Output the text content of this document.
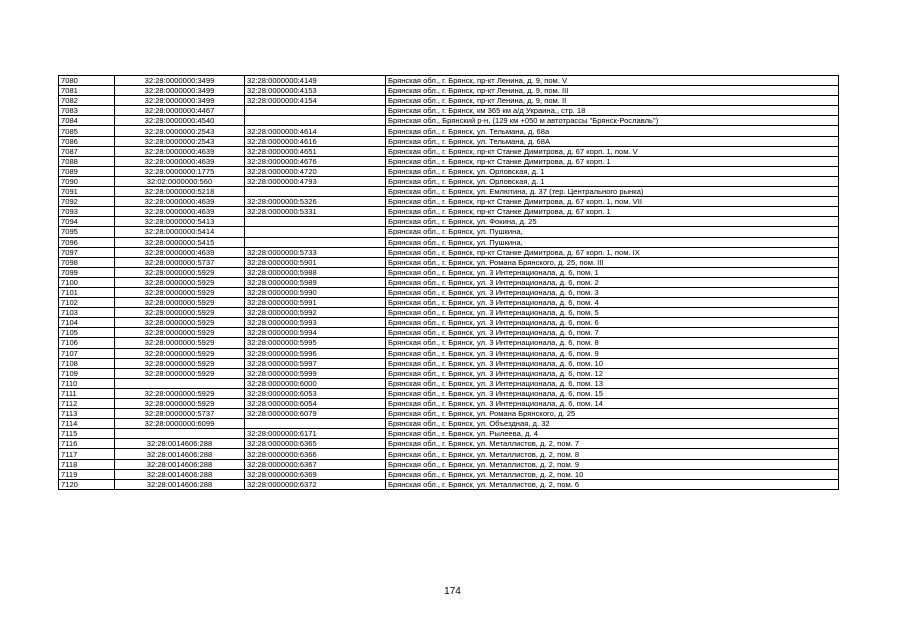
7080	32:28:0000000:3499	32:28:0000000:4149	Брянская обл., г. Брянск, пр-кт Ленина, д. 9, пом. V
7081	32:28:0000000:3499	32:28:0000000:4153	Брянская обл., г. Брянск, пр-кт Ленина, д. 9, пом. III
7082	32:28:0000000:3499	32:28:0000000:4154	Брянская обл., г. Брянск, пр-кт Ленина, д. 9, пом. II
7083	32:28:0000000:4467		Брянская обл., г. Брянск, км 365 км а/д Украина,, стр. 18
7084	32:28:0000000:4540		Брянская обл., Брянский р-н, (129 км +050 м автотрассы "Брянск-Рославль")
7085	32:28:0000000:2543	32:28:0000000:4614	Брянская обл., г. Брянск, ул. Тельмана, д. 68а
7086	32:28:0000000:2543	32:28:0000000:4616	Брянская обл., г. Брянск, ул. Тельмана, д. 68А
7087	32:28:0000000:4639	32:28:0000000:4651	Брянская обл., г. Брянск, пр-кт Станке Димитрова, д. 67 корп. 1, пом. V
7088	32:28:0000000:4639	32:28:0000000:4676	Брянская обл., г. Брянск, пр-кт Станке Димитрова, д. 67 корп. 1
7089	32:28:0000000:1775	32:28:0000000:4720	Брянская обл., г. Брянск, ул. Орловская, д. 1
7090	32:02:0000000:560	32:28:0000000:4793	Брянская обл., г. Брянск, ул. Орловская, д. 1
7091	32:28:0000000:5218		Брянская обл., г. Брянск, ул. Емлютина, д. 37 (тер. Центрального рынка)
7092	32:28:0000000:4639	32:28:0000000:5326	Брянская обл., г. Брянск, пр-кт Станке Димитрова, д. 67 корп. 1, пом. VII
7093	32:28:0000000:4639	32:28:0000000:5331	Брянская обл., г. Брянск, пр-кт Станке Димитрова, д. 67 корп. 1
7094	32:28:0000000:5413		Брянская обл., г. Брянск, ул. Фокина, д. 25
7095	32:28:0000000:5414		Брянская обл., г. Брянск, ул. Пушкина,
7096	32:28:0000000:5415		Брянская обл., г. Брянск, ул. Пушкина,
7097	32:28:0000000:4639	32:28:0000000:5733	Брянская обл., г. Брянск, пр-кт Станке Димитрова, д. 67 корп. 1, пом. IX
7098	32:28:0000000:5737	32:28:0000000:5901	Брянская обл., г. Брянск, ул. Романа Брянского, д. 25, пом. III
7099	32:28:0000000:5929	32:28:0000000:5988	Брянская обл., г. Брянск, ул. 3 Интернационала, д. 6, пом. 1
7100	32:28:0000000:5929	32:28:0000000:5989	Брянская обл., г. Брянск, ул. 3 Интернационала, д. 6, пом. 2
7101	32:28:0000000:5929	32:28:0000000:5990	Брянская обл., г. Брянск, ул. 3 Интернационала, д. 6, пом. 3
7102	32:28:0000000:5929	32:28:0000000:5991	Брянская обл., г. Брянск, ул. 3 Интернационала, д. 6, пом. 4
7103	32:28:0000000:5929	32:28:0000000:5992	Брянская обл., г. Брянск, ул. 3 Интернационала, д. 6, пом. 5
7104	32:28:0000000:5929	32:28:0000000:5993	Брянская обл., г. Брянск, ул. 3 Интернационала, д. 6, пом. 6
7105	32:28:0000000:5929	32:28:0000000:5994	Брянская обл., г. Брянск, ул. 3 Интернационала, д. 6, пом. 7
7106	32:28:0000000:5929	32:28:0000000:5995	Брянская обл., г. Брянск, ул. 3 Интернационала, д. 6, пом. 8
7107	32:28:0000000:5929	32:28:0000000:5996	Брянская обл., г. Брянск, ул. 3 Интернационала, д. 6, пом. 9
7108	32:28:0000000:5929	32:28:0000000:5997	Брянская обл., г. Брянск, ул. 3 Интернационала, д. 6, пом. 10
7109	32:28:0000000:5929	32:28:0000000:5999	Брянская обл., г. Брянск, ул. 3 Интернационала, д. 6, пом. 12
7110		32:28:0000000:6000	Брянская обл., г. Брянск, ул. 3 Интернационала, д. 6, пом. 13
7111	32:28:0000000:5929	32:28:0000000:6053	Брянская обл., г. Брянск, ул. 3 Интернационала, д. 6, пом. 15
7112	32:28:0000000:5929	32:28:0000000:6054	Брянская обл., г. Брянск, ул. 3 Интернационала, д. 6, пом. 14
7113	32:28:0000000:5737	32:28:0000000:6079	Брянская обл., г. Брянск, ул. Романа Брянского, д. 25
7114	32:28:0000000:6099		Брянская обл., г. Брянск, ул. Объездная, д. 32
7115		32:28:0000000:6171	Брянская обл., г. Брянск, ул. Рылеева, д. 4
7116	32:28:0014606:288	32:28:0000000:6365	Брянская обл., г. Брянск, ул. Металлистов, д. 2, пом. 7
7117	32:28:0014606:288	32:28:0000000:6366	Брянская обл., г. Брянск, ул. Металлистов, д. 2, пом. 8
7118	32:28:0014606:288	32:28:0000000:6367	Брянская обл., г. Брянск, ул. Металлистов, д. 2, пом. 9
7119	32:28:0014606:288	32:28:0000000:6369	Брянская обл., г. Брянск, ул. Металлистов, д. 2, пом. 10
7120	32:28:0014606:288	32:28:0000000:6372	Брянская обл., г. Брянск, ул. Металлистов, д. 2, пом. 6
174
